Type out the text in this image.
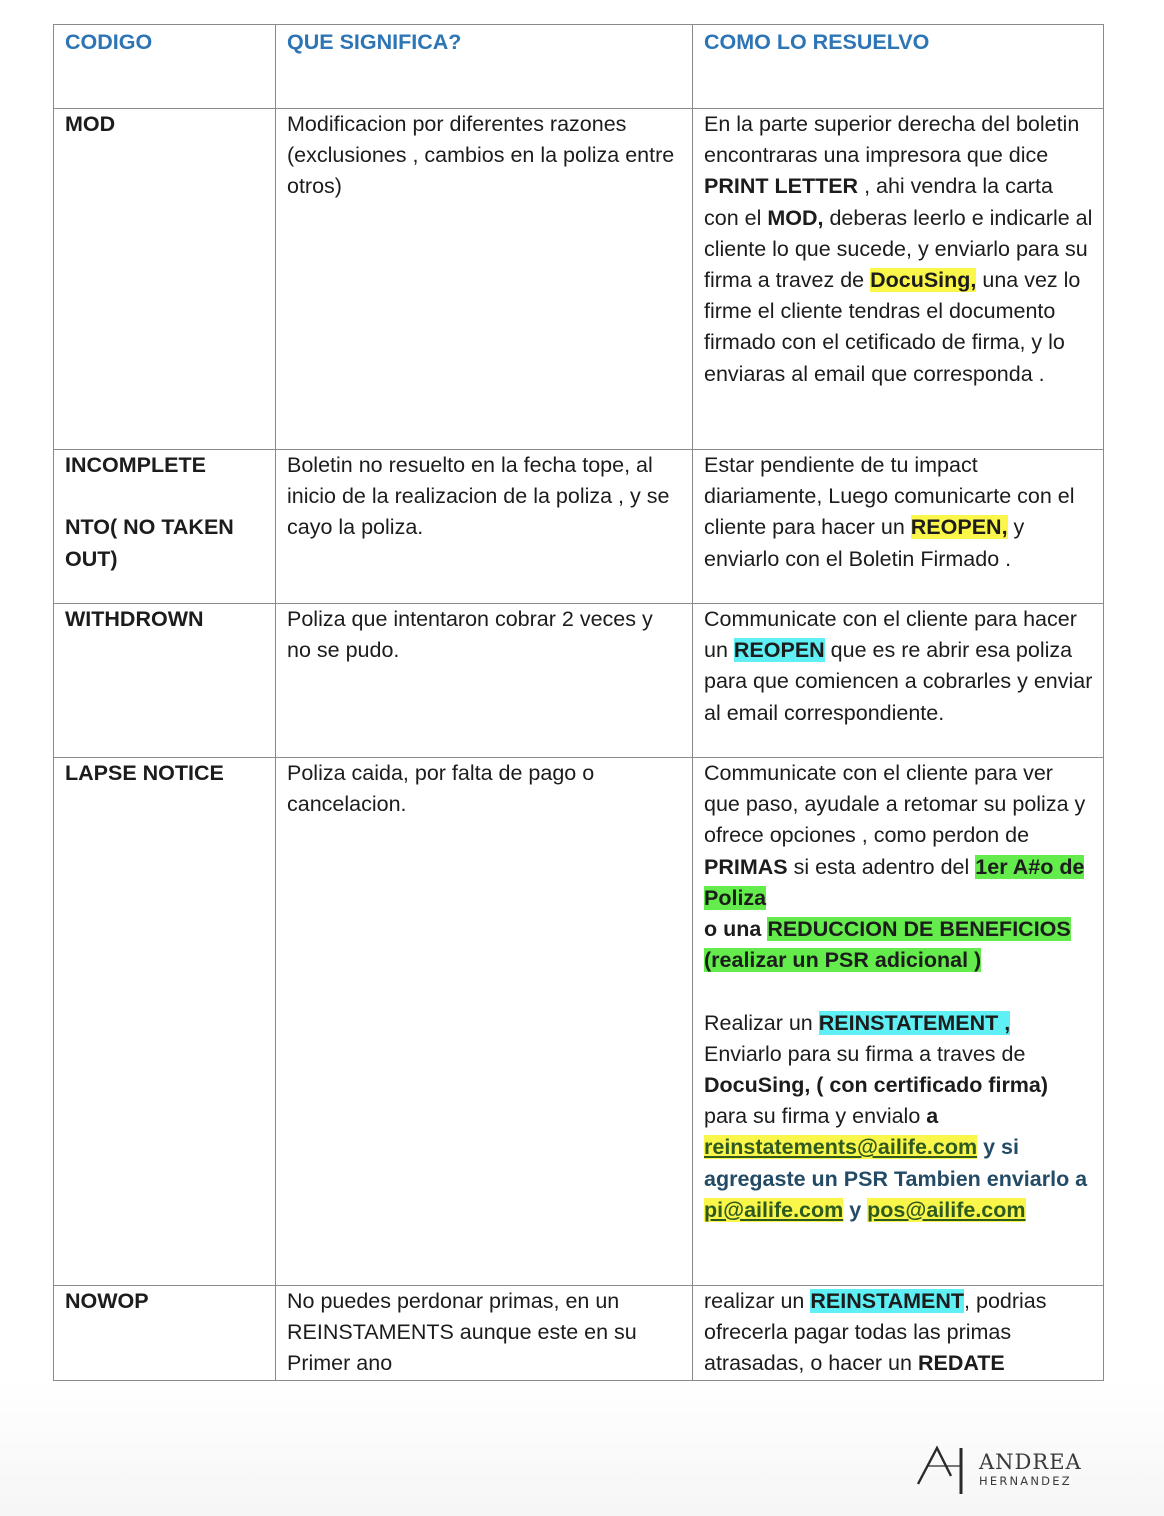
CODIGO	QUE SIGNIFICA?	COMO LO RESUELVO

MOD	Modificacion por diferentes razones (exclusiones , cambios en la poliza entre otros)	En la parte superior derecha del boletin encontraras una impresora que dice PRINT LETTER , ahi vendra la carta con el MOD, deberas leerlo e indicarle al cliente lo que sucede, y enviarlo para su firma a travez de DocuSing, una vez lo firme el cliente tendras el documento firmado con el cetificado de firma, y lo enviaras al email que corresponda .

INCOMPLETE
NTO( NO TAKEN OUT)	Boletin no resuelto en la fecha tope, al inicio de la realizacion de la poliza , y se cayo la poliza.	Estar pendiente de tu impact diariamente, Luego comunicarte con el cliente para hacer un REOPEN, y enviarlo con el Boletin Firmado .

WITHDROWN	Poliza que intentaron cobrar 2 veces y no se pudo.	Communicate con el cliente para hacer un REOPEN que es re abrir esa poliza para que comiencen a cobrarles y enviar al email correspondiente.

LAPSE NOTICE	Poliza caida, por falta de pago o cancelacion.	Communicate con el cliente para ver que paso, ayudale a retomar su poliza y ofrece opciones , como perdon de PRIMAS si esta adentro del 1er A#o de Poliza
o una REDUCCION DE BENEFICIOS (realizar un PSR adicional )

Realizar un REINSTATEMENT , Enviarlo para su firma a traves de DocuSing, ( con certificado firma) para su firma y envialo a reinstatements@ailife.com y si agregaste un PSR Tambien enviarlo a pi@ailife.com y pos@ailife.com

NOWOP	No puedes perdonar primas, en un REINSTAMENTS aunque este en su Primer ano	realizar un REINSTAMENT, podrias ofrecerla pagar todas las primas atrasadas, o hacer un REDATE
ANDREA
HERNANDEZ
